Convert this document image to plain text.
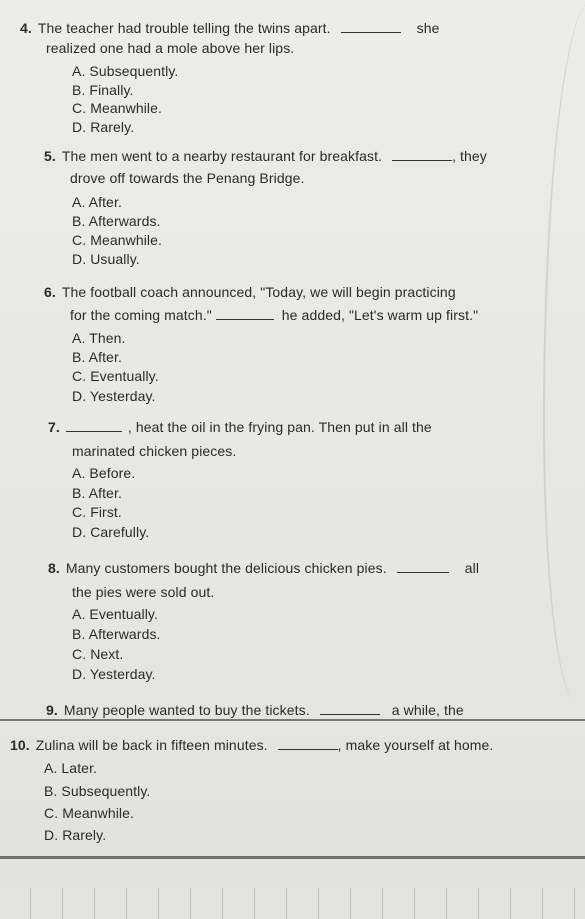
4. The teacher had trouble telling the twins apart.	she
realized one had a mole above her lips.
A. Subsequently.
B. Finally.
C. Meanwhile.
D. Rarely.
5. The men went to a nearby restaurant for breakfast.	, they
drove off towards the Penang Bridge.
A. After.
B. Afterwards.
C. Meanwhile.
D. Usually.
6. The football coach announced, "Today, we will begin practicing
for the coming match."	he added, "Let's warm up first."
A. Then.
B. After.
C. Eventually.
D. Yesterday.
7.	, heat the oil in the frying pan. Then put in all the
marinated chicken pieces.
A. Before.
B. After.
C. First.
D. Carefully.
8. Many customers bought the delicious chicken pies.	all
the pies were sold out.
A. Eventually.
B. Afterwards.
C. Next.
D. Yesterday.
9. Many people wanted to buy the tickets.	a while, the
10. Zulina will be back in fifteen minutes.	, make yourself at home.
A. Later.
B. Subsequently.
C. Meanwhile.
D. Rarely.
